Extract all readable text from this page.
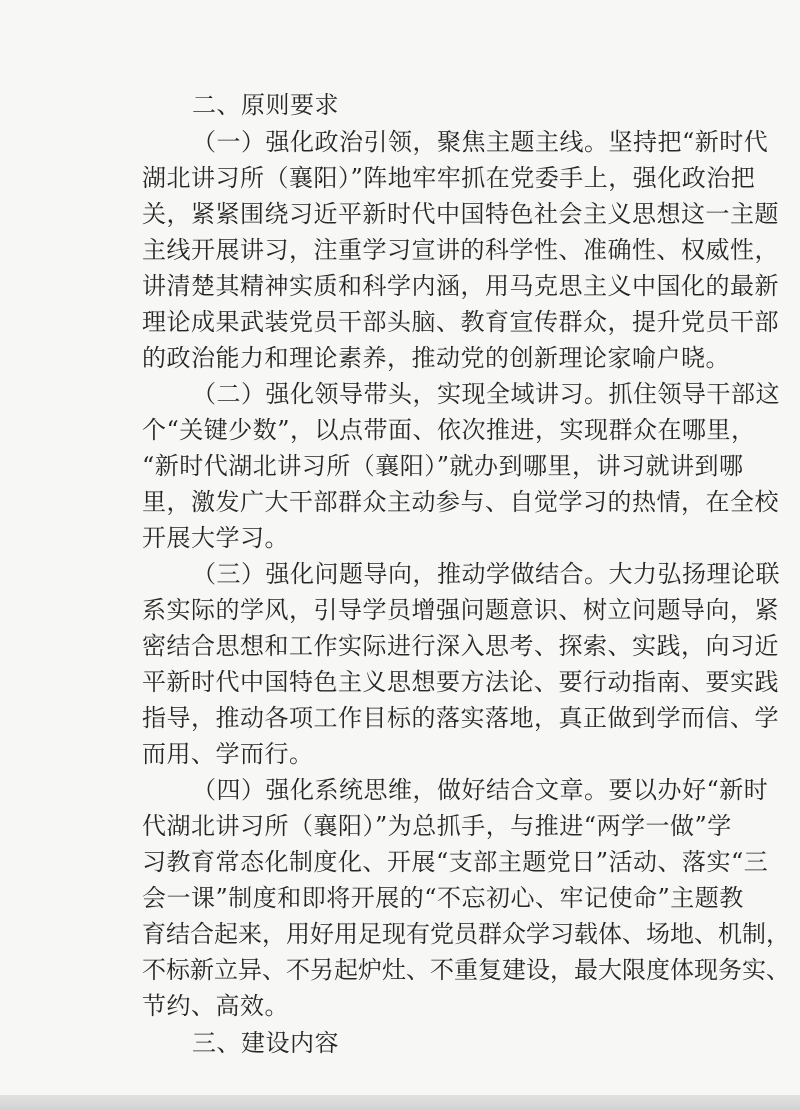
二、原则要求
（一）强化政治引领，聚焦主题主线。坚持把“新时代
湖北讲习所（襄阳）”阵地牢牢抓在党委手上，强化政治把
关，紧紧围绕习近平新时代中国特色社会主义思想这一主题
主线开展讲习，注重学习宣讲的科学性、准确性、权威性，
讲清楚其精神实质和科学内涵，用马克思主义中国化的最新
理论成果武装党员干部头脑、教育宣传群众，提升党员干部
的政治能力和理论素养，推动党的创新理论家喻户晓。
（二）强化领导带头，实现全域讲习。抓住领导干部这
个“关键少数”，以点带面、依次推进，实现群众在哪里，
“新时代湖北讲习所（襄阳）”就办到哪里，讲习就讲到哪
里，激发广大干部群众主动参与、自觉学习的热情，在全校
开展大学习。
（三）强化问题导向，推动学做结合。大力弘扬理论联
系实际的学风，引导学员增强问题意识、树立问题导向，紧
密结合思想和工作实际进行深入思考、探索、实践，向习近
平新时代中国特色主义思想要方法论、要行动指南、要实践
指导，推动各项工作目标的落实落地，真正做到学而信、学
而用、学而行。
（四）强化系统思维，做好结合文章。要以办好“新时
代湖北讲习所（襄阳）”为总抓手，与推进“两学一做”学
习教育常态化制度化、开展“支部主题党日”活动、落实“三
会一课”制度和即将开展的“不忘初心、牢记使命”主题教
育结合起来，用好用足现有党员群众学习载体、场地、机制，
不标新立异、不另起炉灶、不重复建设，最大限度体现务实、
节约、高效。
三、建设内容
